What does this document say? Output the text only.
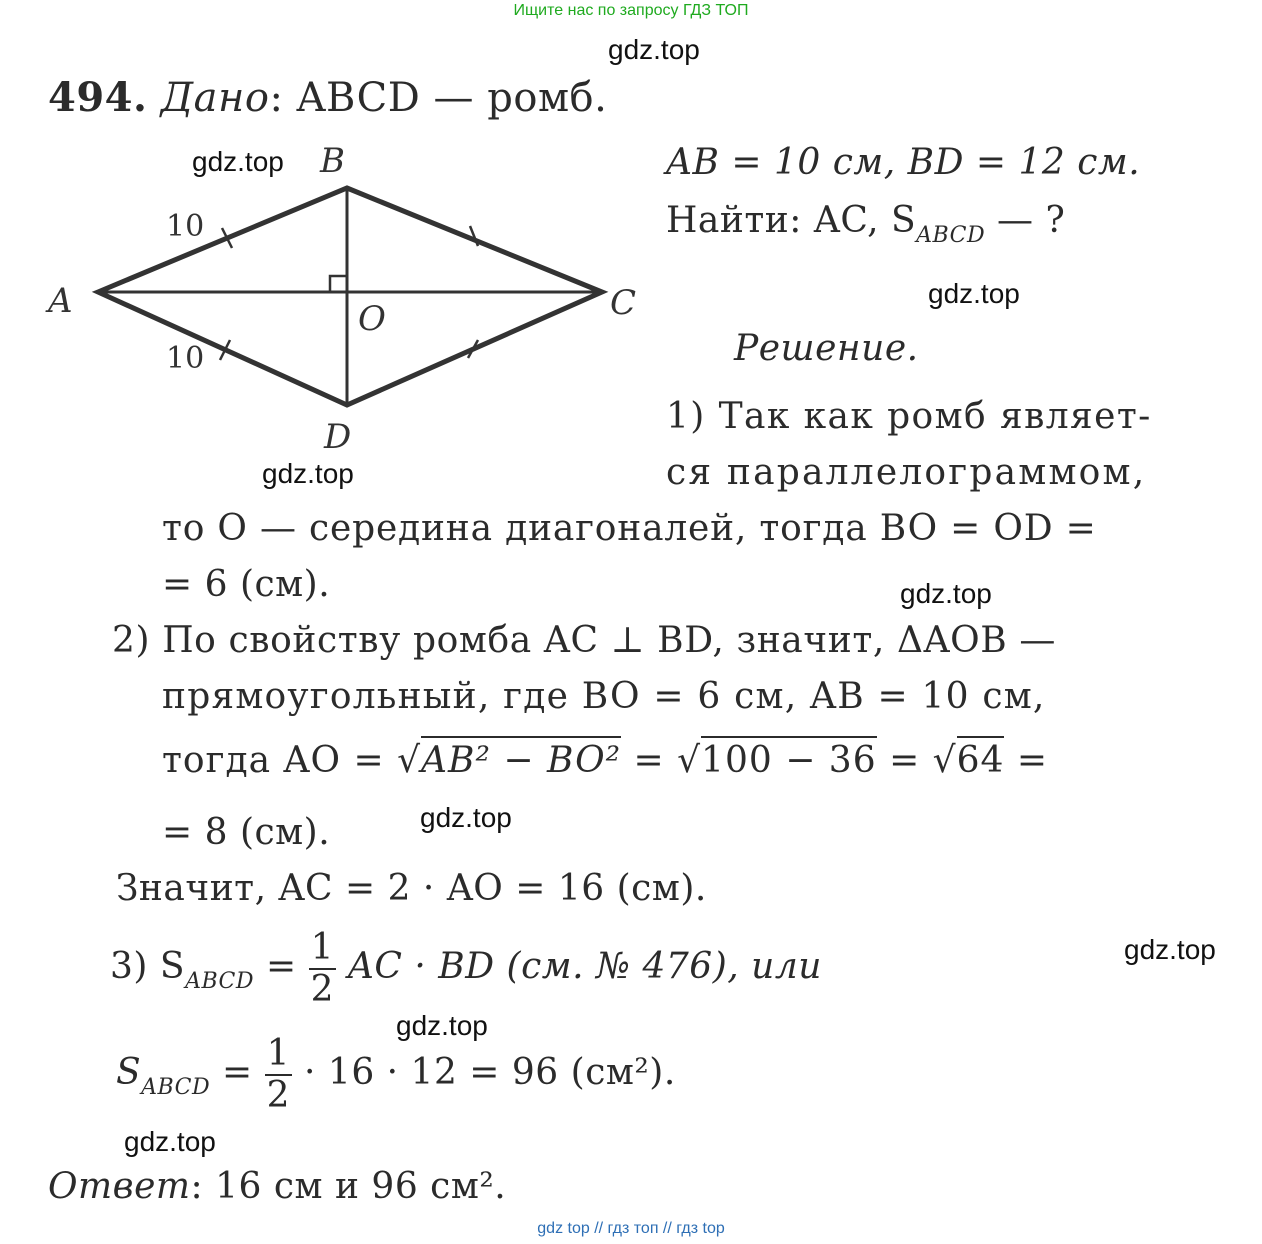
Ищите нас по запросу ГДЗ ТОП
gdz.top
gdz.top
gdz.top
gdz.top
gdz.top
gdz.top
gdz.top
gdz.top
gdz.top
494. Дано: ABCD — ромб.
A
B
C
D
O
10
10
AB = 10 см, BD = 12 см.
Найти: AC, $S_{ABCD}$ — ?
Решение.
1) Так как ромб являет-
ся параллелограммом,
то O — середина диагоналей, тогда BO = OD =
= 6 (см).
2) По свойству ромба AC ⊥ BD, значит, ΔAOB —
прямоугольный, где BO = 6 см, AB = 10 см,
тогда AO = √AB² − BO² = √100 − 36 = √64 =
= 8 (см).
Значит, AC = 2 · AO = 16 (см).
3) $S_{ABCD} = \frac{1}{2}$ AC · BD (см. № 476), или
$S_{ABCD} = \frac{1}{2} \cdot 16 \cdot 12 = 96$ (см²).
Ответ: 16 см и 96 см².
gdz top // гдз топ // гдз top
